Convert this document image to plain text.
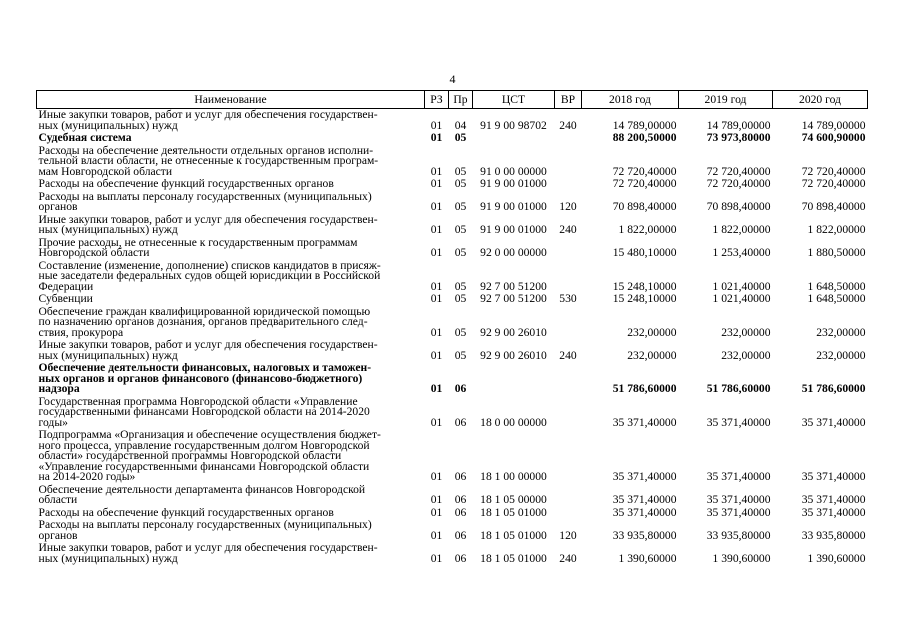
4
Наименование	РЗ	Пр	ЦСТ	ВР	2018 год	2019 год	2020 год

Иные закупки товаров, работ и услуг для обеспечения государствен-
ных (муниципальных) нужд	01	04	91 9 00 98702	240	14 789,00000	14 789,00000	14 789,00000

Судебная система	01	05			88 200,50000	73 973,80000	74 600,90000

Расходы на обеспечение деятельности отдельных органов исполни-
тельной власти области, не отнесенные к государственным програм-
мам Новгородской области	01	05	91 0 00 00000		72 720,40000	72 720,40000	72 720,40000

Расходы на обеспечение функций государственных органов	01	05	91 9 00 01000		72 720,40000	72 720,40000	72 720,40000

Расходы на выплаты персоналу государственных (муниципальных)
органов	01	05	91 9 00 01000	120	70 898,40000	70 898,40000	70 898,40000

Иные закупки товаров, работ и услуг для обеспечения государствен-
ных (муниципальных) нужд	01	05	91 9 00 01000	240	1 822,00000	1 822,00000	1 822,00000

Прочие расходы, не отнесенные к государственным программам
Новгородской области	01	05	92 0 00 00000		15 480,10000	1 253,40000	1 880,50000

Составление (изменение, дополнение) списков кандидатов в присяж-
ные заседатели федеральных судов общей юрисдикции в Российской
Федерации	01	05	92 7 00 51200		15 248,10000	1 021,40000	1 648,50000

Субвенции	01	05	92 7 00 51200	530	15 248,10000	1 021,40000	1 648,50000

Обеспечение граждан квалифицированной юридической помощью
по назначению органов дознания, органов предварительного след-
ствия, прокурора	01	05	92 9 00 26010		232,00000	232,00000	232,00000

Иные закупки товаров, работ и услуг для обеспечения государствен-
ных (муниципальных) нужд	01	05	92 9 00 26010	240	232,00000	232,00000	232,00000

Обеспечение деятельности финансовых, налоговых и таможен-
ных органов и органов финансового (финансово-бюджетного)
надзора	01	06			51 786,60000	51 786,60000	51 786,60000

Государственная программа Новгородской области «Управление
государственными финансами Новгородской области на 2014-2020
годы»	01	06	18 0 00 00000		35 371,40000	35 371,40000	35 371,40000

Подпрограмма «Организация и обеспечение осуществления бюджет-
ного процесса, управление государственным долгом Новгородской
области» государственной программы Новгородской области
«Управление государственными финансами Новгородской области
на 2014-2020 годы»	01	06	18 1 00 00000		35 371,40000	35 371,40000	35 371,40000

Обеспечение деятельности департамента финансов Новгородской
области	01	06	18 1 05 00000		35 371,40000	35 371,40000	35 371,40000

Расходы на обеспечение функций государственных органов	01	06	18 1 05 01000		35 371,40000	35 371,40000	35 371,40000

Расходы на выплаты персоналу государственных (муниципальных)
органов	01	06	18 1 05 01000	120	33 935,80000	33 935,80000	33 935,80000

Иные закупки товаров, работ и услуг для обеспечения государствен-
ных (муниципальных) нужд	01	06	18 1 05 01000	240	1 390,60000	1 390,60000	1 390,60000
